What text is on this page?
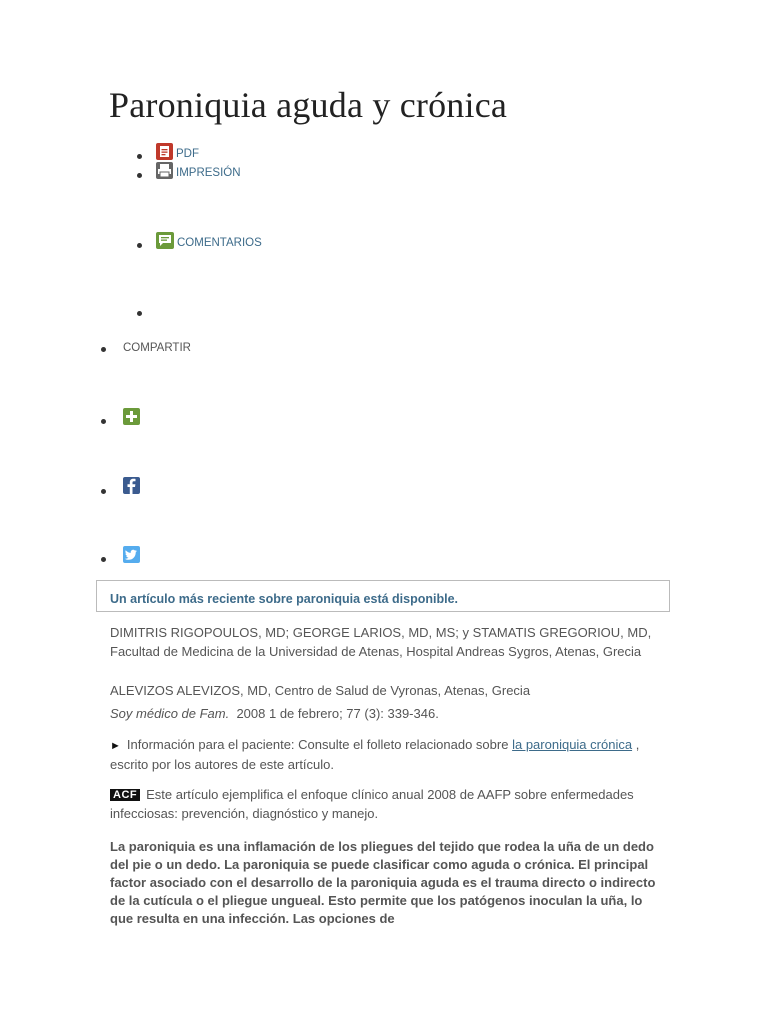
Paroniquia aguda y crónica
PDF
IMPRESIÓN
COMENTARIOS
COMPARTIR
Un artículo más reciente sobre paroniquia está disponible.

DIMITRIS RIGOPOULOS, MD; GEORGE LARIOS, MD, MS; y STAMATIS GREGORIOU, MD, Facultad de Medicina de la Universidad de Atenas, Hospital Andreas Sygros, Atenas, Grecia

ALEVIZOS ALEVIZOS, MD, Centro de Salud de Vyronas, Atenas, Grecia

Soy médico de Fam. 2008 1 de febrero; 77 (3): 339-346.

► Información para el paciente: Consulte el folleto relacionado sobre la paroniquia crónica , escrito por los autores de este artículo.

ACF Este artículo ejemplifica el enfoque clínico anual 2008 de AAFP sobre enfermedades infecciosas: prevención, diagnóstico y manejo.

La paroniquia es una inflamación de los pliegues del tejido que rodea la uña de un dedo del pie o un dedo. La paroniquia se puede clasificar como aguda o crónica. El principal factor asociado con el desarrollo de la paroniquia aguda es el trauma directo o indirecto de la cutícula o el pliegue ungueal. Esto permite que los patógenos inoculan la uña, lo que resulta en una infección. Las opciones de
